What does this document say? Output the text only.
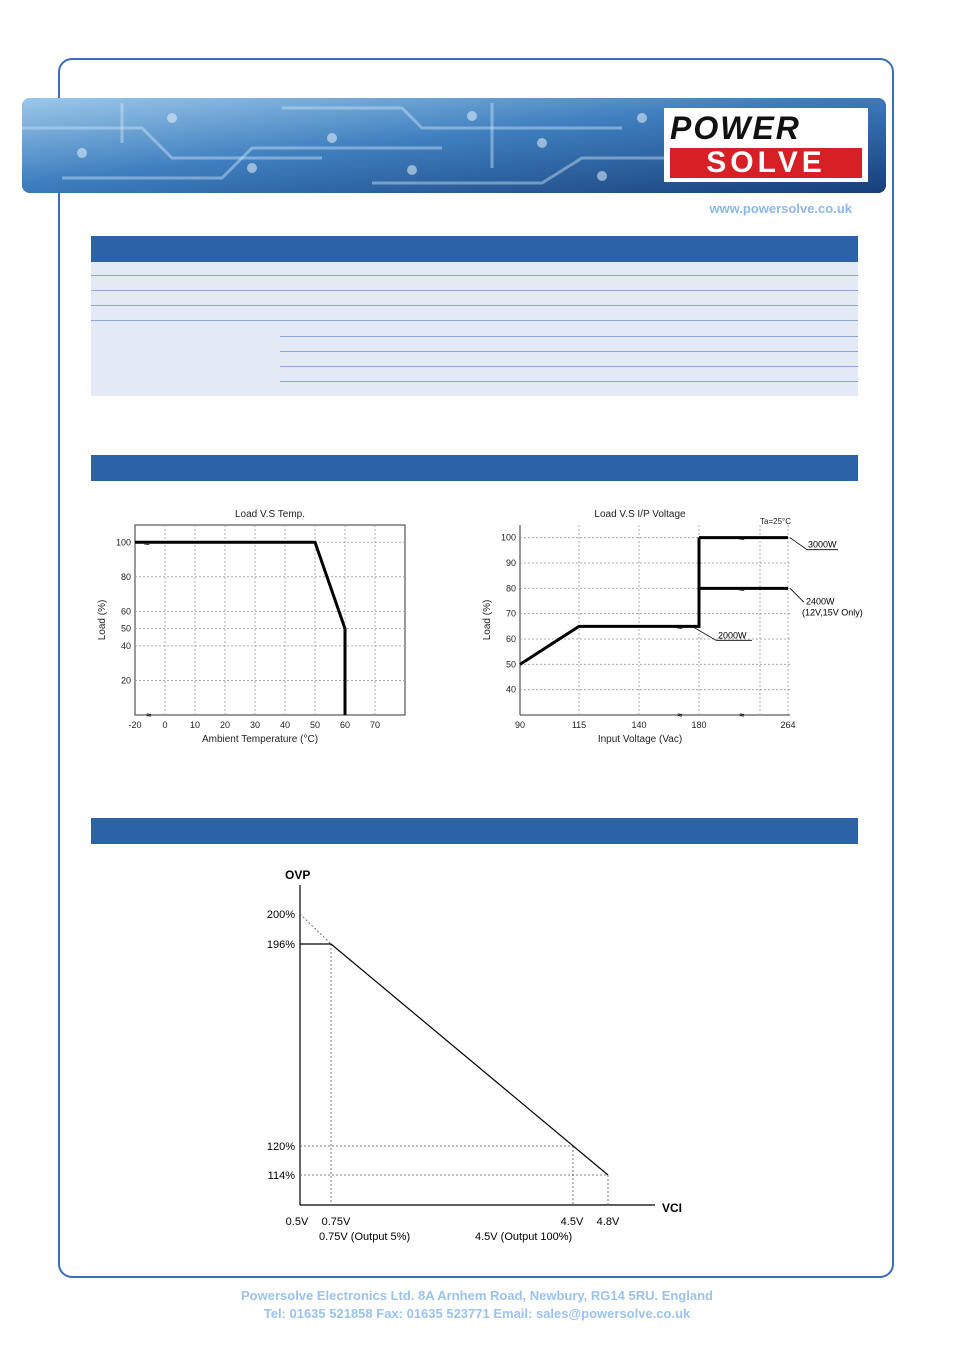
POWER
SOLVE
www.powersolve.co.uk
Load V.S Temp.
-20 0 10 20 30 40 50 60 70
20
40
50
60
80
100
Ambient Temperature (°C)
Load (%)
≈
≈
Load V.S I/P Voltage
Ta=25°C
90	115	140	180	264
40
50
60
70
80
90
100
Input Voltage (Vac)
Load (%)
≈
≈
≈
≈	≈
3000W
2400W
(12V,15V Only)
2000W
OVP
VCI
200%
196%
120%
114%
0.5V 0.75V	4.5V 4.8V
0.75V (Output 5%)	4.5V (Output 100%)
Powersolve Electronics Ltd. 8A Arnhem Road, Newbury, RG14 5RU. England
Tel: 01635 521858 Fax: 01635 523771 Email: sales@powersolve.co.uk
